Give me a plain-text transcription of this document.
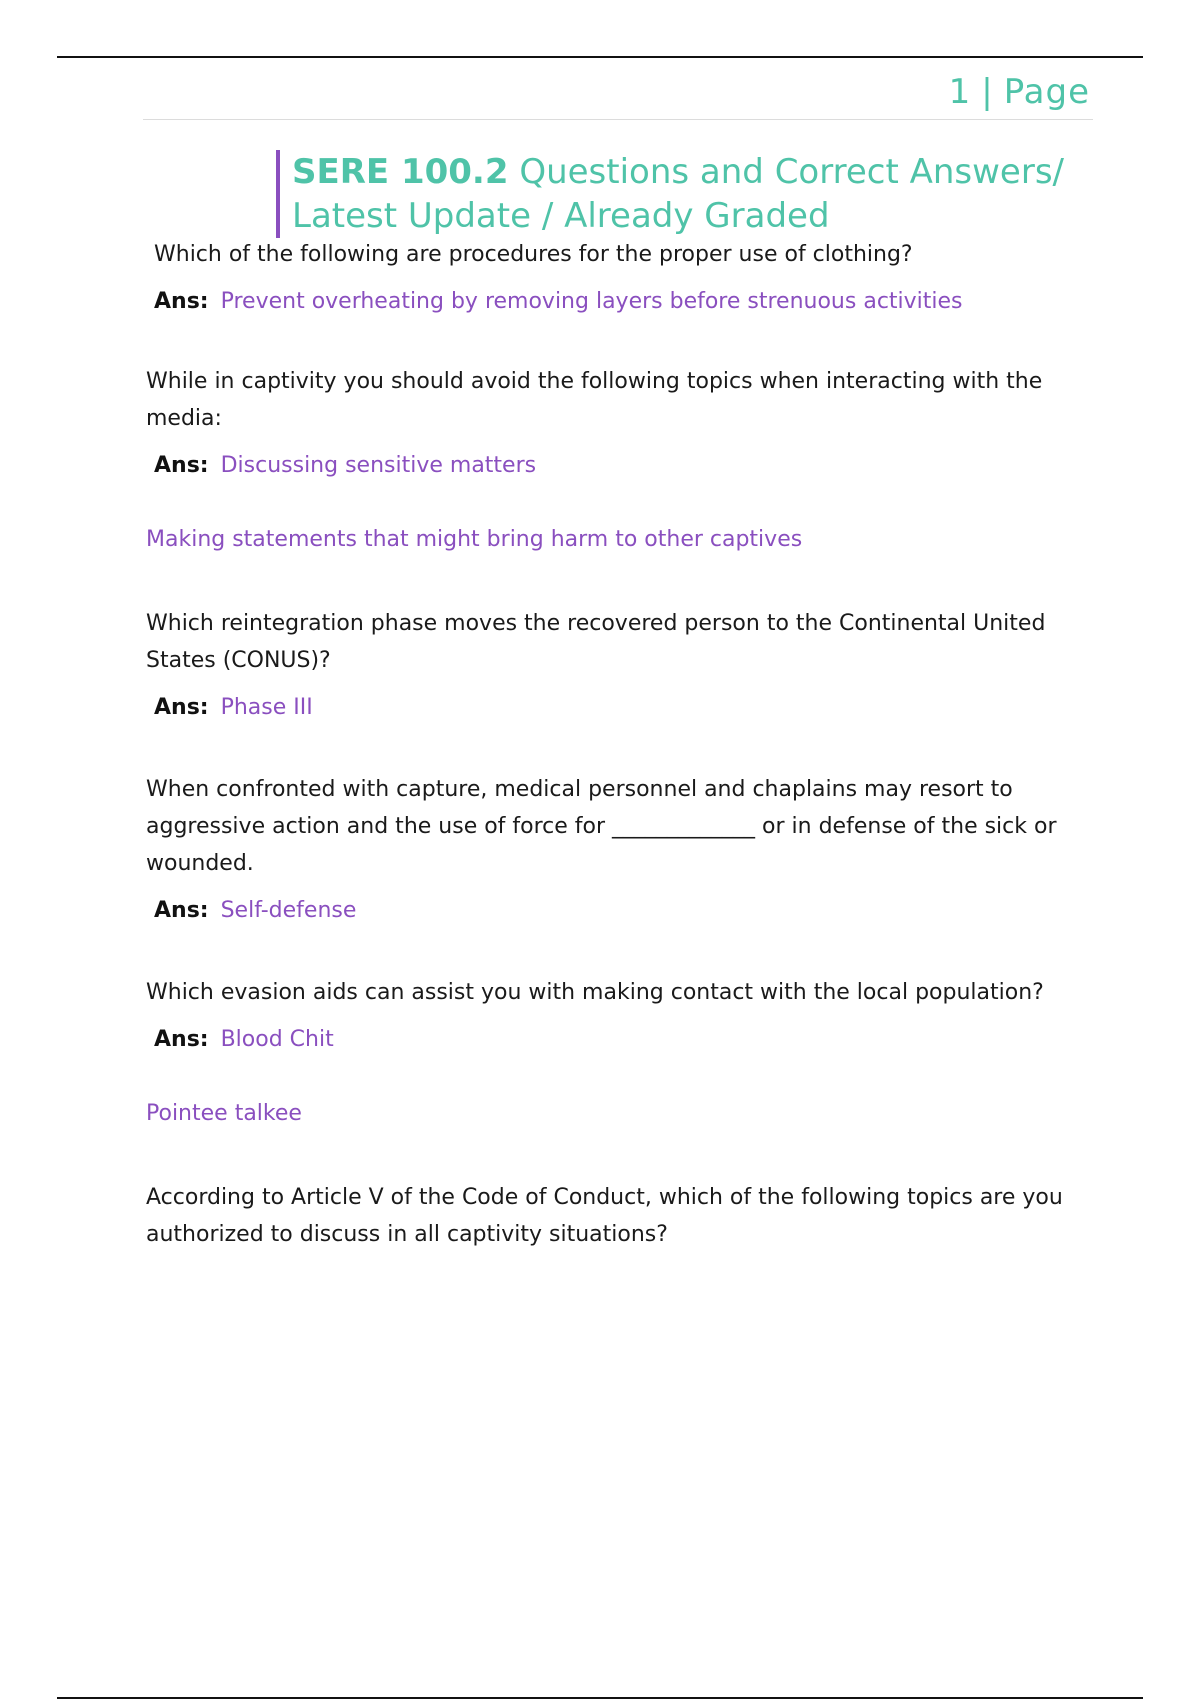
1 | Page
SERE 100.2 Questions and Correct Answers/
Latest Update / Already Graded

Which of the following are procedures for the proper use of clothing?

Ans: Prevent overheating by removing layers before strenuous activities

While in captivity you should avoid the following topics when interacting with the media:

Ans: Discussing sensitive matters

Making statements that might bring harm to other captives

Which reintegration phase moves the recovered person to the Continental United States (CONUS)?

Ans: Phase III

When confronted with capture, medical personnel and chaplains may resort to aggressive action and the use of force for _____________ or in defense of the sick or wounded.

Ans: Self-defense

Which evasion aids can assist you with making contact with the local population?

Ans: Blood Chit

Pointee talkee

According to Article V of the Code of Conduct, which of the following topics are you authorized to discuss in all captivity situations?
